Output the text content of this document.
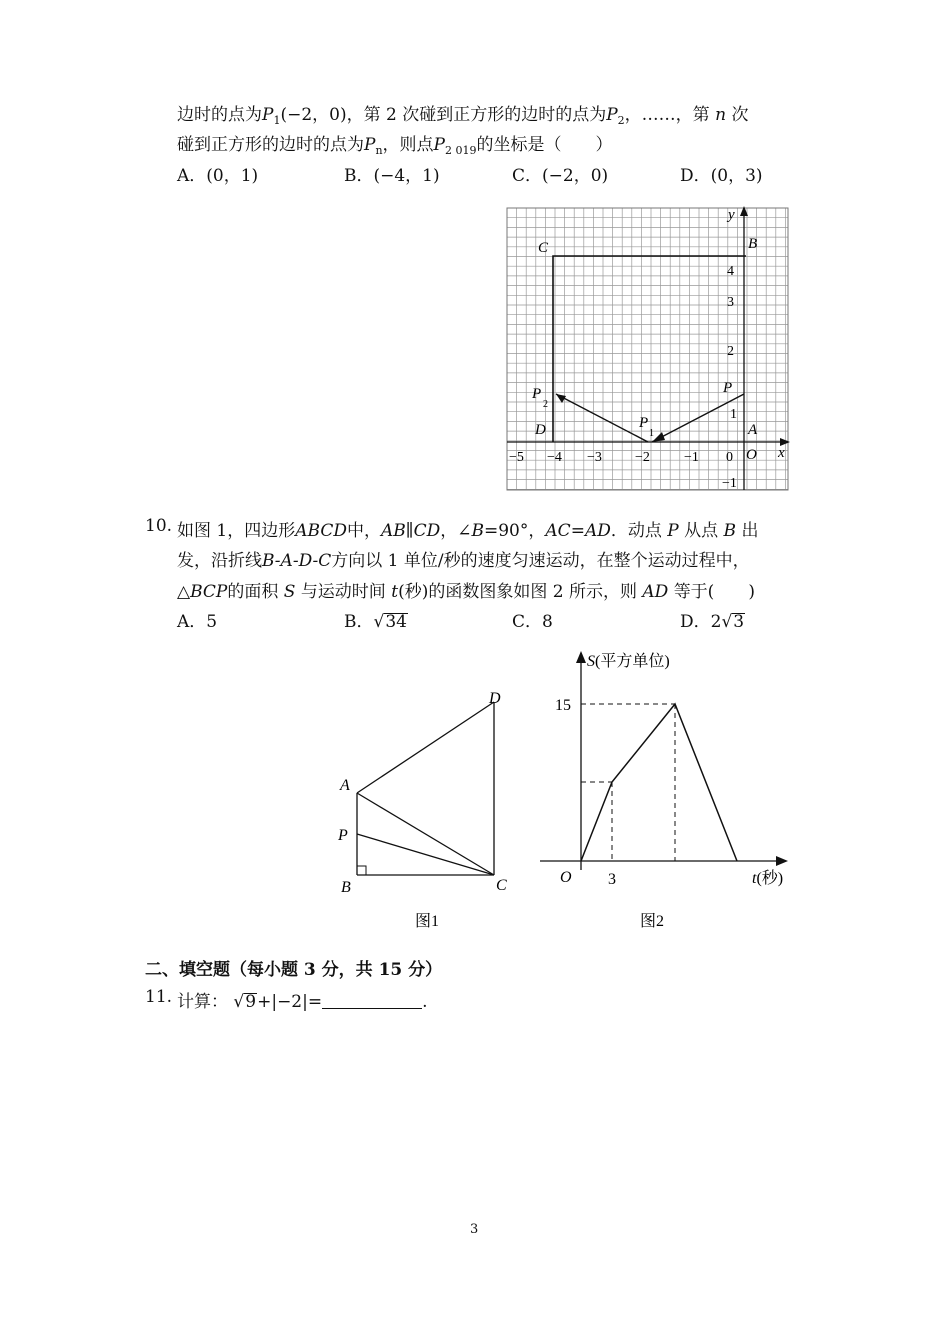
边时的点为$P_1(-2$，0)，第 2 次碰到正方形的边时的点为$P_2$，……，第 n 次
碰到正方形的边时的点为$P_n$，则点$P_{2 019}$的坐标是（　　）
A．(0，1)	B．(−4，1)	C．(−2，0)	D．(0，3)
C	B
D	A
O x
y
P
P
1
P
2
−5 −4 −3 −2 −1 0
4
3
2
1
−1
10. 如图 1，四边形ABCD中，AB∥CD，∠B=90°，AC=AD．动点 P 从点 B 出
发，沿折线B-A-D-C方向以 1 单位/秒的速度匀速运动，在整个运动过程中，
△BCP的面积 S 与运动时间 t(秒)的函数图象如图 2 所示，则 AD 等于(　　)
A．5	B．√34	C．8	D．2√3
D
A
P
B	C
图1
S(平方单位)
15
O 3	t(秒)
图2
二、填空题（每小题 3 分，共 15 分）
11. 计算： √9+|−2|=	.
3
